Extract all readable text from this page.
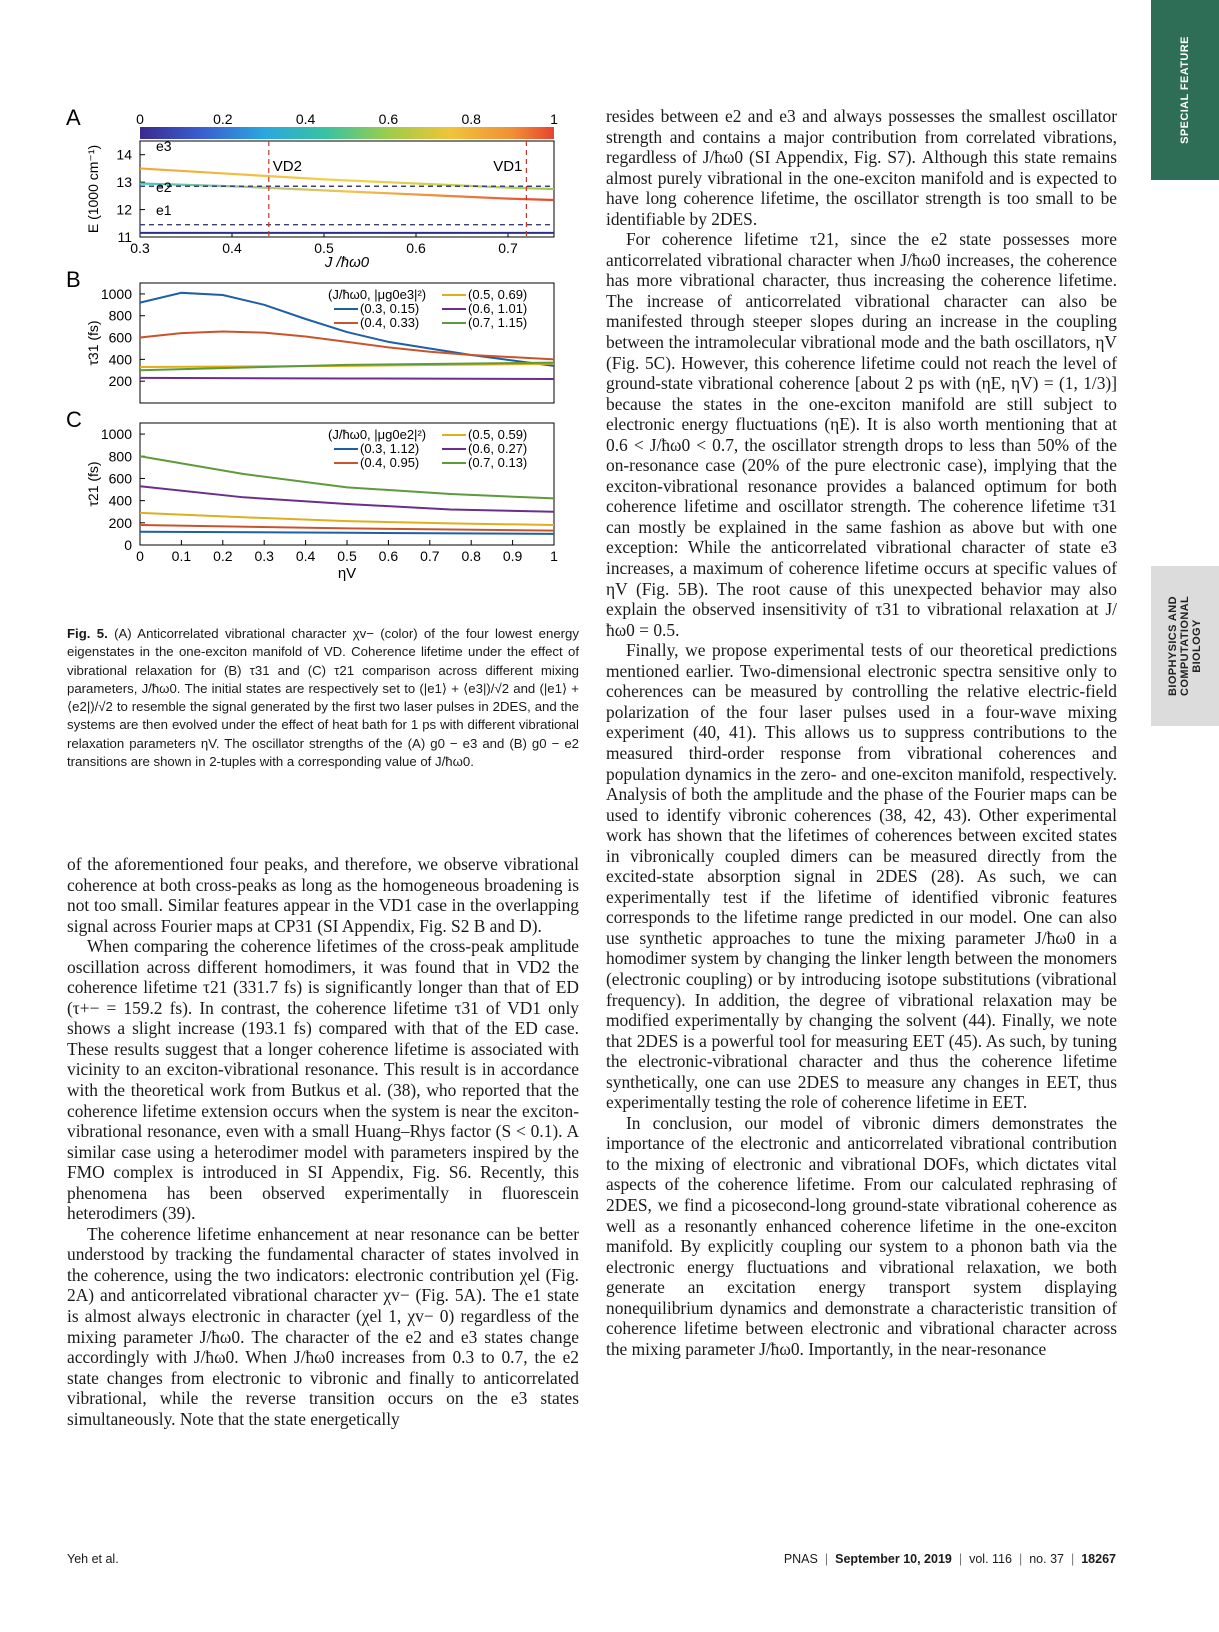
SPECIAL FEATURE
BIOPHYSICS AND COMPUTATIONAL BIOLOGY
A	0	0.2	0.4	0.6	0.8	1
11
12
13
14
0.3	0.4	0.5	0.6	0.7
J /ħω0
E (1000 cm⁻¹)	e3
e2
e1
VD2	VD1
B
200
400
600
800
1000
τ31 (fs)
(J/ħω0, |μg0e3|²)
(0.3, 0.15)
(0.4, 0.33)
(0.5, 0.69)
(0.6, 1.01)
(0.7, 1.15)
C
0
200
400
600
800
1000
0 0.1 0.2 0.3 0.4 0.5 0.6 0.7 0.8 0.9 1
ηV
τ21 (fs)
(J/ħω0, |μg0e2|²)
(0.3, 1.12)
(0.4, 0.95)
(0.5, 0.59)
(0.6, 0.27)
(0.7, 0.13)
Fig. 5. (A) Anticorrelated vibrational character χv− (color) of the four lowest energy eigenstates in the one-exciton manifold of VD. Coherence lifetime under the effect of vibrational relaxation for (B) τ31 and (C) τ21 comparison across different mixing parameters, J/ħω0. The initial states are respectively set to (|e1⟩ + ⟨e3|)/√2 and (|e1⟩ + ⟨e2|)/√2 to resemble the signal generated by the first two laser pulses in 2DES, and the systems are then evolved under the effect of heat bath for 1 ps with different vibrational relaxation parameters ηV. The oscillator strengths of the (A) g0 − e3 and (B) g0 − e2 transitions are shown in 2-tuples with a corresponding value of J/ħω0.

of the aforementioned four peaks, and therefore, we observe vibrational coherence at both cross-peaks as long as the homogeneous broadening is not too small. Similar features appear in the VD1 case in the overlapping signal across Fourier maps at CP31 (SI Appendix, Fig. S2 B and D).

When comparing the coherence lifetimes of the cross-peak amplitude oscillation across different homodimers, it was found that in VD2 the coherence lifetime τ21 (331.7 fs) is significantly longer than that of ED (τ+− = 159.2 fs). In contrast, the coherence lifetime τ31 of VD1 only shows a slight increase (193.1 fs) compared with that of the ED case. These results suggest that a longer coherence lifetime is associated with vicinity to an exciton-vibrational resonance. This result is in accordance with the theoretical work from Butkus et al. (38), who reported that the coherence lifetime extension occurs when the system is near the exciton-vibrational resonance, even with a small Huang–Rhys factor (S < 0.1). A similar case using a heterodimer model with parameters inspired by the FMO complex is introduced in SI Appendix, Fig. S6. Recently, this phenomena has been observed experimentally in fluorescein heterodimers (39).

The coherence lifetime enhancement at near resonance can be better understood by tracking the fundamental character of states involved in the coherence, using the two indicators: electronic contribution χel (Fig. 2A) and anticorrelated vibrational character χv− (Fig. 5A). The e1 state is almost always electronic in character (χel 1, χv− 0) regardless of the mixing parameter J/ħω0. The character of the e2 and e3 states change accordingly with J/ħω0. When J/ħω0 increases from 0.3 to 0.7, the e2 state changes from electronic to vibronic and finally to anticorrelated vibrational, while the reverse transition occurs on the e3 states simultaneously. Note that the state energetically

resides between e2 and e3 and always possesses the smallest oscillator strength and contains a major contribution from correlated vibrations, regardless of J/ħω0 (SI Appendix, Fig. S7). Although this state remains almost purely vibrational in the one-exciton manifold and is expected to have long coherence lifetime, the oscillator strength is too small to be identifiable by 2DES.

For coherence lifetime τ21, since the e2 state possesses more anticorrelated vibrational character when J/ħω0 increases, the coherence has more vibrational character, thus increasing the coherence lifetime. The increase of anticorrelated vibrational character can also be manifested through steeper slopes during an increase in the coupling between the intramolecular vibrational mode and the bath oscillators, ηV (Fig. 5C). However, this coherence lifetime could not reach the level of ground-state vibrational coherence [about 2 ps with (ηE, ηV) = (1, 1/3)] because the states in the one-exciton manifold are still subject to electronic energy fluctuations (ηE). It is also worth mentioning that at 0.6 < J/ħω0 < 0.7, the oscillator strength drops to less than 50% of the on-resonance case (20% of the pure electronic case), implying that the exciton-vibrational resonance provides a balanced optimum for both coherence lifetime and oscillator strength. The coherence lifetime τ31 can mostly be explained in the same fashion as above but with one exception: While the anticorrelated vibrational character of state e3 increases, a maximum of coherence lifetime occurs at specific values of ηV (Fig. 5B). The root cause of this unexpected behavior may also explain the observed insensitivity of τ31 to vibrational relaxation at J/ħω0 = 0.5.

Finally, we propose experimental tests of our theoretical predictions mentioned earlier. Two-dimensional electronic spectra sensitive only to coherences can be measured by controlling the relative electric-field polarization of the four laser pulses used in a four-wave mixing experiment (40, 41). This allows us to suppress contributions to the measured third-order response from vibrational coherences and population dynamics in the zero- and one-exciton manifold, respectively. Analysis of both the amplitude and the phase of the Fourier maps can be used to identify vibronic coherences (38, 42, 43). Other experimental work has shown that the lifetimes of coherences between excited states in vibronically coupled dimers can be measured directly from the excited-state absorption signal in 2DES (28). As such, we can experimentally test if the lifetime of identified vibronic features corresponds to the lifetime range predicted in our model. One can also use synthetic approaches to tune the mixing parameter J/ħω0 in a homodimer system by changing the linker length between the monomers (electronic coupling) or by introducing isotope substitutions (vibrational frequency). In addition, the degree of vibrational relaxation may be modified experimentally by changing the solvent (44). Finally, we note that 2DES is a powerful tool for measuring EET (45). As such, by tuning the electronic-vibrational character and thus the coherence lifetime synthetically, one can use 2DES to measure any changes in EET, thus experimentally testing the role of coherence lifetime in EET.

In conclusion, our model of vibronic dimers demonstrates the importance of the electronic and anticorrelated vibrational contribution to the mixing of electronic and vibrational DOFs, which dictates vital aspects of the coherence lifetime. From our calculated rephrasing of 2DES, we find a picosecond-long ground-state vibrational coherence as well as a resonantly enhanced coherence lifetime in the one-exciton manifold. By explicitly coupling our system to a phonon bath via the electronic energy fluctuations and vibrational relaxation, we both generate an excitation energy transport system displaying nonequilibrium dynamics and demonstrate a characteristic transition of coherence lifetime between electronic and vibrational character across the mixing parameter J/ħω0. Importantly, in the near-resonance

Yeh et al.	PNAS | September 10, 2019 | vol. 116 | no. 37 | 18267
